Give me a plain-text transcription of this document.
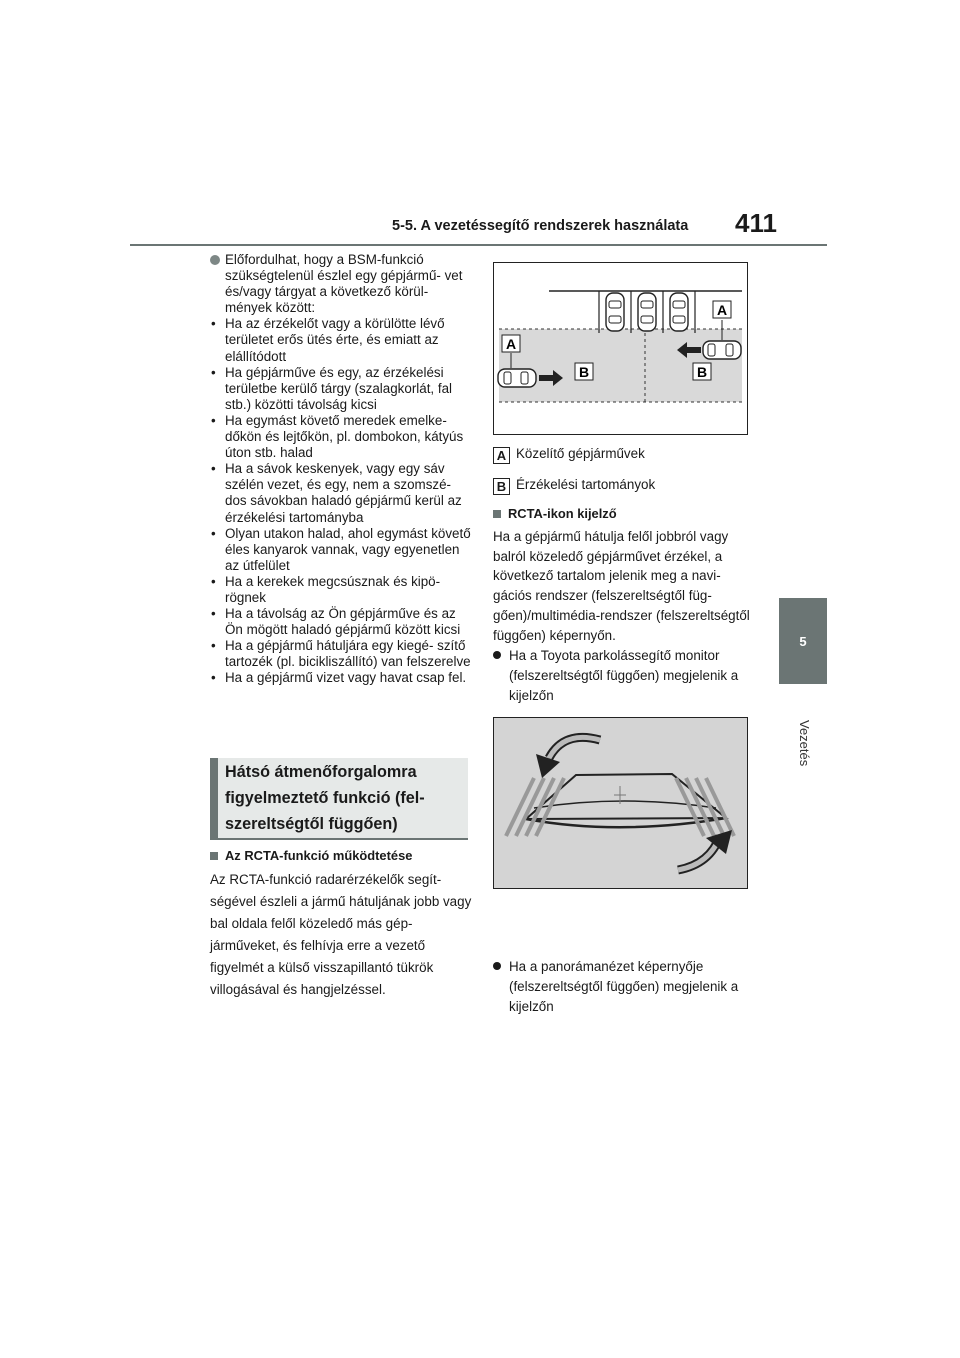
5-5. A vezetéssegítő rendszerek használata 411
5
Vezetés
Előfordulhat, hogy a BSM-funkció szükségtelenül észlel egy gépjármű- vet és/vagy tárgyat a következő körül- mények között:
• Ha az érzékelőt vagy a körülötte lévő területet erős ütés érte, és emiatt az elállítódott
• Ha gépjárműve és egy, az érzékelési területbe kerülő tárgy (szalagkorlát, fal stb.) közötti távolság kicsi
• Ha egymást követő meredek emelke- dőkön és lejtőkön, pl. dombokon, kátyús úton stb. halad
• Ha a sávok keskenyek, vagy egy sáv szélén vezet, és egy, nem a szomszé- dos sávokban haladó gépjármű kerül az érzékelési tartományba
• Olyan utakon halad, ahol egymást követő éles kanyarok vannak, vagy egyenetlen az útfelület
• Ha a kerekek megcsúsznak és kipö- rögnek
• Ha a távolság az Ön gépjárműve és az Ön mögött haladó gépjármű között kicsi
• Ha a gépjármű hátuljára egy kiegé- szítő tartozék (pl. bicikliszállító) van felszerelve
• Ha a gépjármű vizet vagy havat csap fel.
Hátsó átmenőforgalomra figyelmeztető funkció (fel- szereltségtől függően)
Az RCTA-funkció működtetése
Az RCTA-funkció radarérzékelők segít- ségével észleli a jármű hátuljának jobb vagy bal oldala felől közeledő más gép- járműveket, és felhívja erre a vezető figyelmét a külső visszapillantó tükrök villogásával és hangjelzéssel.
A
A
B	B
A Közelítő gépjárművek
B Érzékelési tartományok
RCTA-ikon kijelző
Ha a gépjármű hátulja felől jobbról vagy balról közeledő gépjárművet érzékel, a következő tartalom jelenik meg a navi- gációs rendszer (felszereltségtől füg- gően)/multimédia-rendszer (felszereltségtől függően) képernyőn.
Ha a Toyota parkolássegítő monitor (felszereltségtől függően) megjelenik a kijelzőn
Ha a panorámanézet képernyője (felszereltségtől függően) megjelenik a kijelzőn
